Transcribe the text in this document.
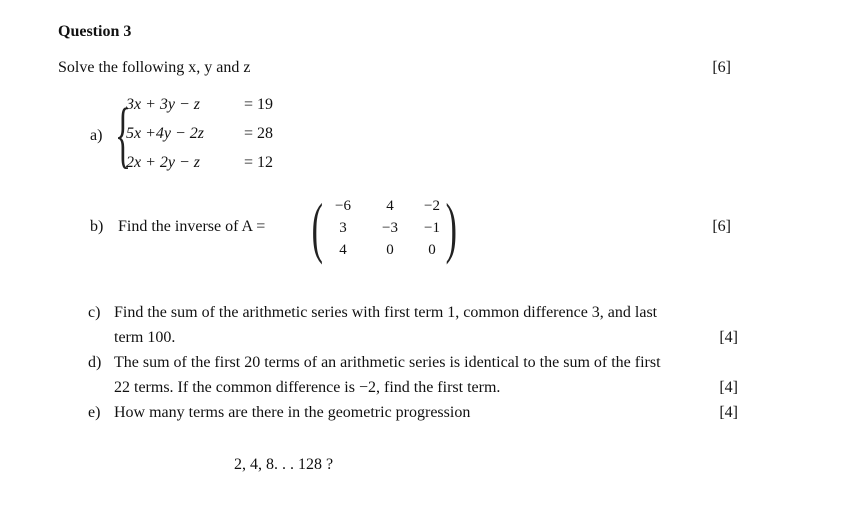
Question 3
Solve the following x, y and z	[6]
a) {
3x + 3y − z	= 19
5x +4y − 2z = 28
2x + 2y − z	= 12
b) Find the inverse of A = ( )
−6	4	−2
3	−3	−1
4	0	0
[6]
c) Find the sum of the arithmetic series with first term 1, common difference 3, and last
term 100.	[4]
d) The sum of the first 20 terms of an arithmetic series is identical to the sum of the first
22 terms. If the common difference is −2, find the first term.	[4]
e) How many terms are there in the geometric progression	[4]
2, 4, 8. . . 128 ?
